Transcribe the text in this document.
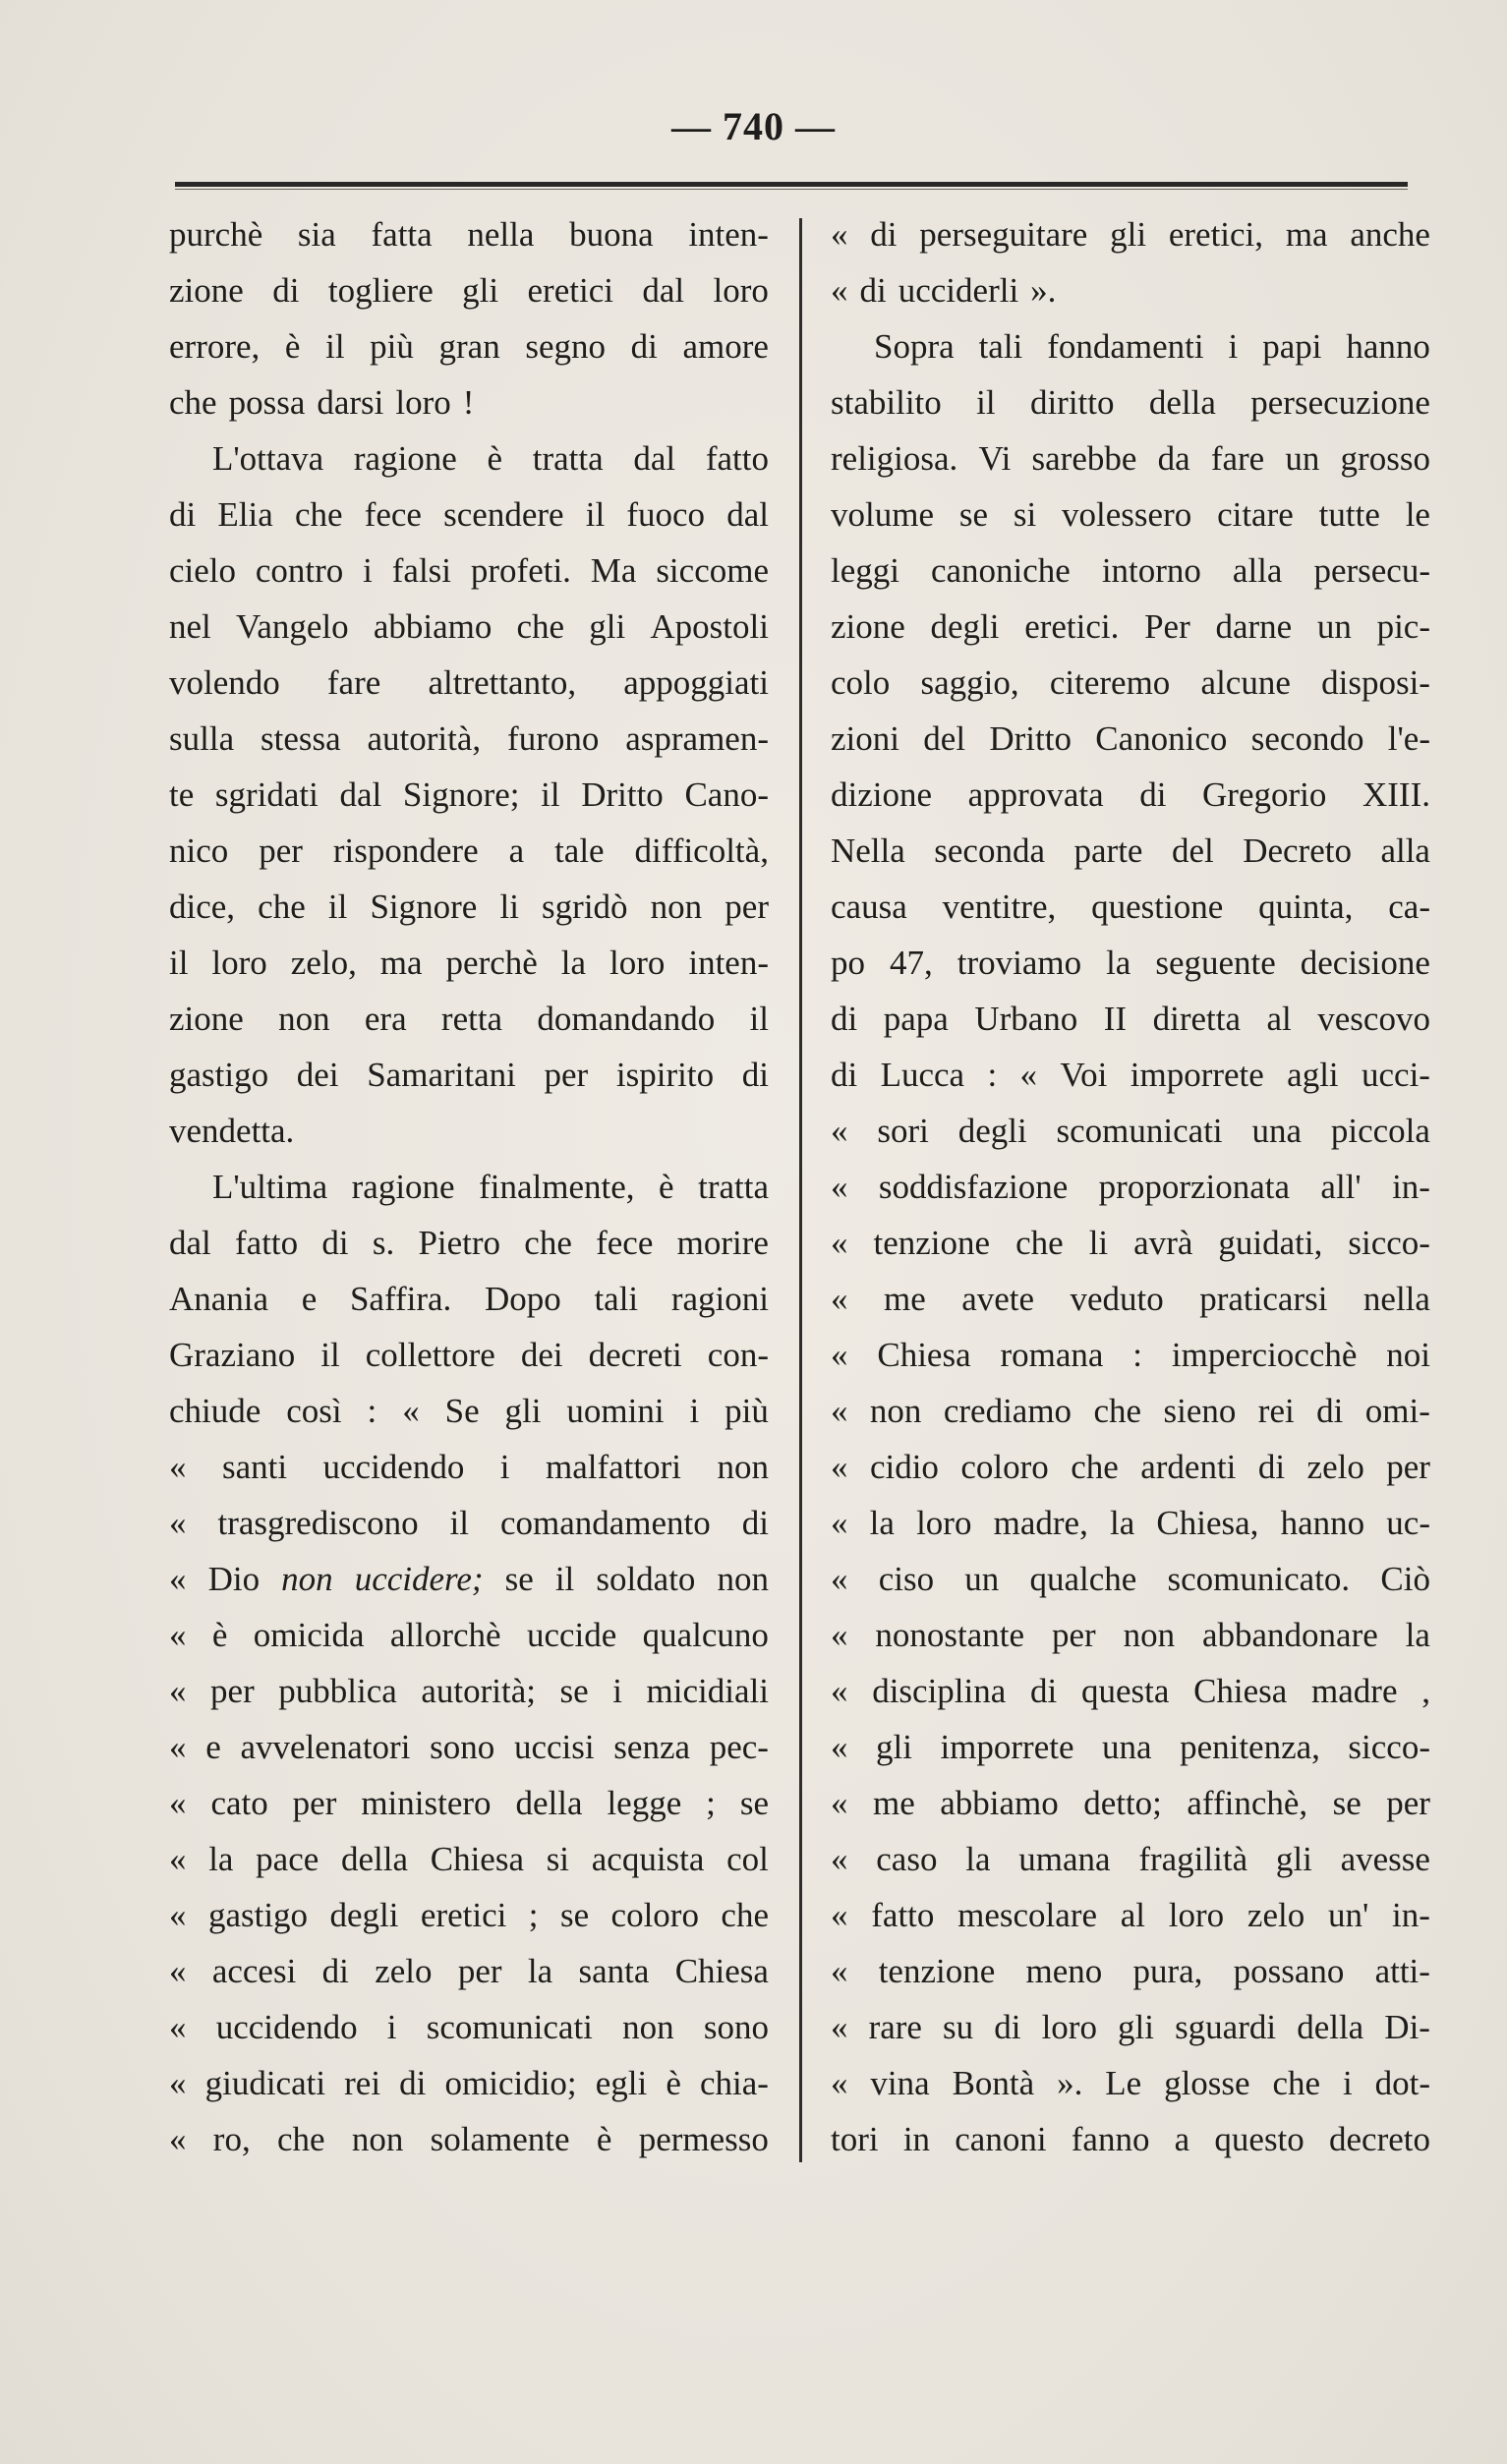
— 740 —
purchè sia fatta nella buona inten-
zione di togliere gli eretici dal loro
errore, è il più gran segno di amore
che possa darsi loro !
L'ottava ragione è tratta dal fatto
di Elia che fece scendere il fuoco dal
cielo contro i falsi profeti. Ma siccome
nel Vangelo abbiamo che gli Apostoli
volendo fare altrettanto, appoggiati
sulla stessa autorità, furono aspramen-
te sgridati dal Signore; il Dritto Cano-
nico per rispondere a tale difficoltà,
dice, che il Signore li sgridò non per
il loro zelo, ma perchè la loro inten-
zione non era retta domandando il
gastigo dei Samaritani per ispirito di
vendetta.
L'ultima ragione finalmente, è tratta
dal fatto di s. Pietro che fece morire
Anania e Saffira. Dopo tali ragioni
Graziano il collettore dei decreti con-
chiude così : « Se gli uomini i più
« santi uccidendo i malfattori non
« trasgrediscono il comandamento di
« Dio non uccidere; se il soldato non
« è omicida allorchè uccide qualcuno
« per pubblica autorità; se i micidiali
« e avvelenatori sono uccisi senza pec-
« cato per ministero della legge ; se
« la pace della Chiesa si acquista col
« gastigo degli eretici ; se coloro che
« accesi di zelo per la santa Chiesa
« uccidendo i scomunicati non sono
« giudicati rei di omicidio; egli è chia-
« ro, che non solamente è permesso
« di perseguitare gli eretici, ma anche
« di ucciderli ».
Sopra tali fondamenti i papi hanno
stabilito il diritto della persecuzione
religiosa. Vi sarebbe da fare un grosso
volume se si volessero citare tutte le
leggi canoniche intorno alla persecu-
zione degli eretici. Per darne un pic-
colo saggio, citeremo alcune disposi-
zioni del Dritto Canonico secondo l'e-
dizione approvata di Gregorio XIII.
Nella seconda parte del Decreto alla
causa ventitre, questione quinta, ca-
po 47, troviamo la seguente decisione
di papa Urbano II diretta al vescovo
di Lucca : « Voi imporrete agli ucci-
« sori degli scomunicati una piccola
« soddisfazione proporzionata all' in-
« tenzione che li avrà guidati, sicco-
« me avete veduto praticarsi nella
« Chiesa romana : imperciocchè noi
« non crediamo che sieno rei di omi-
« cidio coloro che ardenti di zelo per
« la loro madre, la Chiesa, hanno uc-
« ciso un qualche scomunicato. Ciò
« nonostante per non abbandonare la
« disciplina di questa Chiesa madre ,
« gli imporrete una penitenza, sicco-
« me abbiamo detto; affinchè, se per
« caso la umana fragilità gli avesse
« fatto mescolare al loro zelo un' in-
« tenzione meno pura, possano atti-
« rare su di loro gli sguardi della Di-
« vina Bontà ». Le glosse che i dot-
tori in canoni fanno a questo decreto
